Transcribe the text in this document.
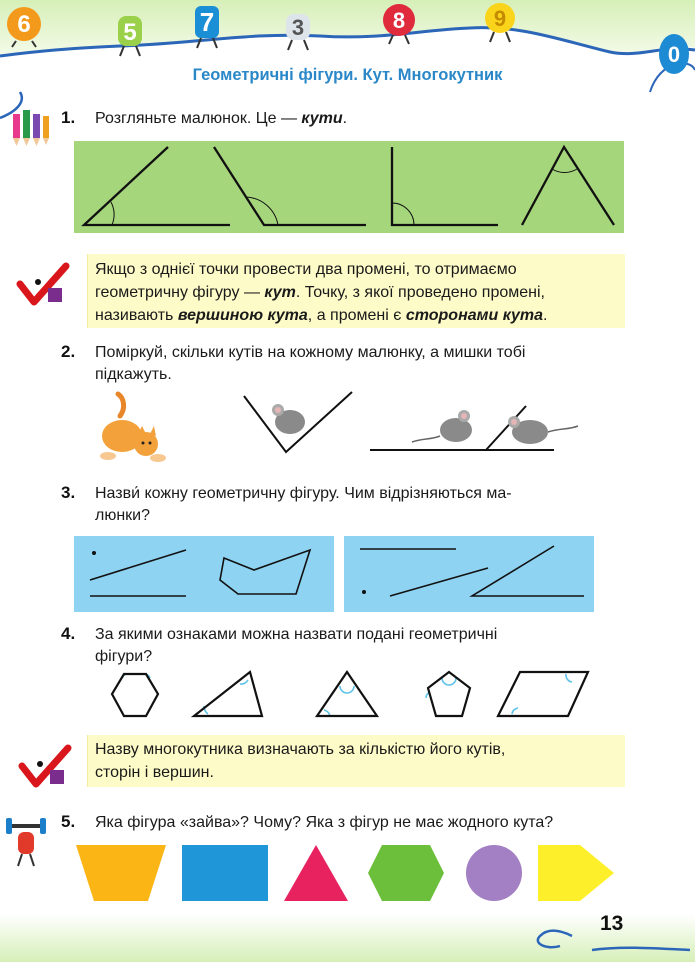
6	5 7	3	8	9
0
Геометричні фігури. Кут. Многокутник
1. Розгляньте малюнок. Це — кути.
Якщо з однієї точки провести два промені, то отримаємо
геометричну фігуру — кут. Точку, з якої проведено промені,
називають вершиною кута, а промені є сторонами кута.
2. Поміркуй, скільки кутів на кожному малюнку, а мишки тобі
підкажуть.
3. Назви́ кожну геометричну фігуру. Чим відрізняються ма-
люнки?
4. За якими ознаками можна назвати подані геометричні
фігури?
Назву многокутника визначають за кількістю його кутів,
сторін і вершин.
5. Яка фігура «зайва»? Чому? Яка з фігур не має жодного кута?
13
